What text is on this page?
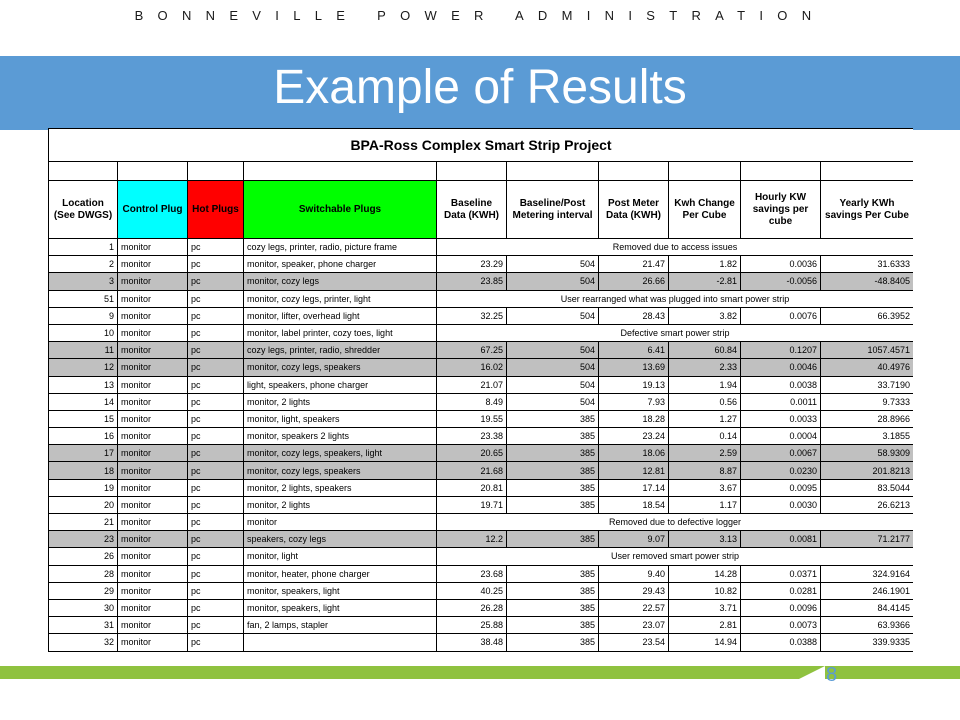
BONNEVILLE POWER ADMINISTRATION
Example of Results
BPA-Ross Complex Smart Strip Project									

Location (See DWGS)	Control Plug	Hot Plugs	Switchable Plugs	Baseline Data (KWH)	Baseline/Post Metering interval	Post Meter Data (KWH)	Kwh Change Per Cube	Hourly KW savings per cube	Yearly KWh savings Per Cube
1	monitor	pc	cozy legs, printer, radio, picture frame	Removed due to access issues					
2	monitor	pc	monitor, speaker, phone charger	23.29	504	21.47	1.82	0.0036	31.6333
3	monitor	pc	monitor, cozy legs	23.85	504	26.66	-2.81	-0.0056	-48.8405
51	monitor	pc	monitor, cozy legs, printer, light	User rearranged what was plugged into smart power strip					
9	monitor	pc	monitor, lifter, overhead light	32.25	504	28.43	3.82	0.0076	66.3952
10	monitor	pc	monitor, label printer, cozy toes, light	Defective smart power strip					
11	monitor	pc	cozy legs, printer, radio, shredder	67.25	504	6.41	60.84	0.1207	1057.4571
12	monitor	pc	monitor, cozy legs, speakers	16.02	504	13.69	2.33	0.0046	40.4976
13	monitor	pc	light, speakers, phone charger	21.07	504	19.13	1.94	0.0038	33.7190
14	monitor	pc	monitor, 2 lights	8.49	504	7.93	0.56	0.0011	9.7333
15	monitor	pc	monitor, light, speakers	19.55	385	18.28	1.27	0.0033	28.8966
16	monitor	pc	monitor, speakers 2 lights	23.38	385	23.24	0.14	0.0004	3.1855
17	monitor	pc	monitor, cozy legs, speakers, light	20.65	385	18.06	2.59	0.0067	58.9309
18	monitor	pc	monitor, cozy legs, speakers	21.68	385	12.81	8.87	0.0230	201.8213
19	monitor	pc	monitor, 2 lights, speakers	20.81	385	17.14	3.67	0.0095	83.5044
20	monitor	pc	monitor, 2 lights	19.71	385	18.54	1.17	0.0030	26.6213
21	monitor	pc	monitor	Removed due to defective logger					
23	monitor	pc	speakers, cozy legs	12.2	385	9.07	3.13	0.0081	71.2177
26	monitor	pc	monitor, light	User removed smart power strip					
28	monitor	pc	monitor, heater, phone charger	23.68	385	9.40	14.28	0.0371	324.9164
29	monitor	pc	monitor, speakers, light	40.25	385	29.43	10.82	0.0281	246.1901
30	monitor	pc	monitor, speakers, light	26.28	385	22.57	3.71	0.0096	84.4145
31	monitor	pc	fan, 2 lamps, stapler	25.88	385	23.07	2.81	0.0073	63.9366
32	monitor	pc		38.48	385	23.54	14.94	0.0388	339.9335
8
